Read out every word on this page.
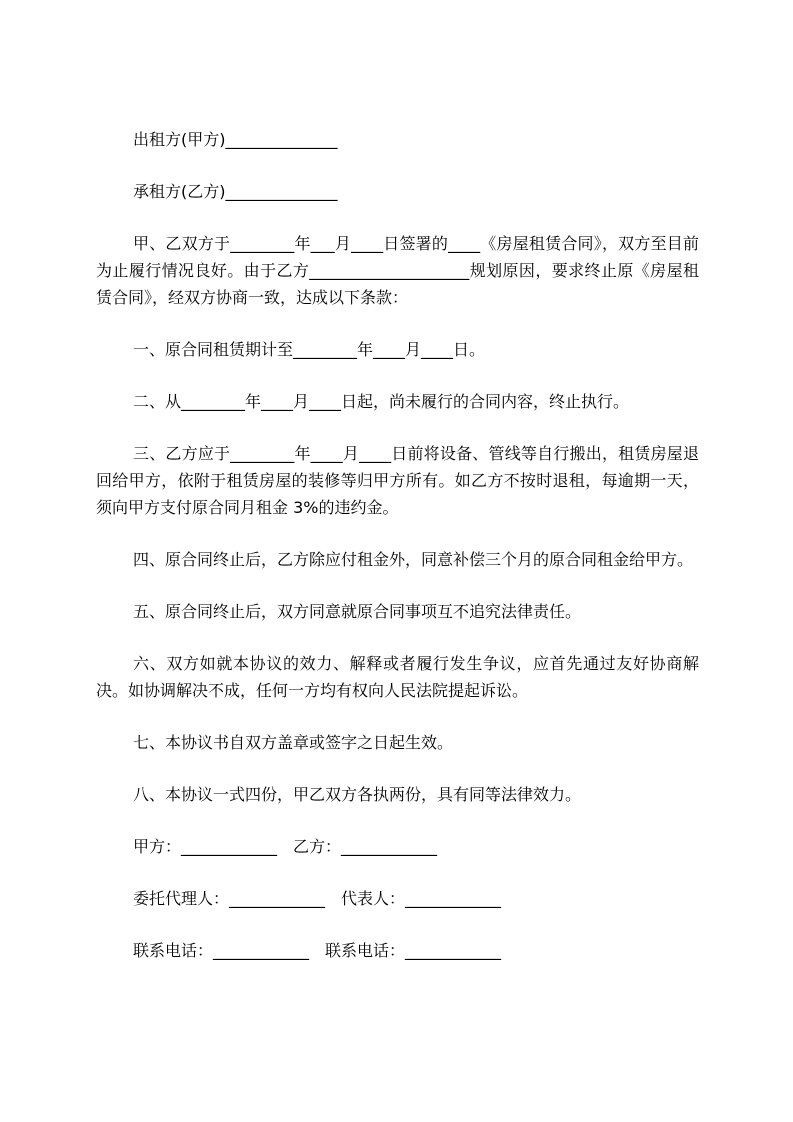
出租方(甲方)______________

承租方(乙方)______________

甲、乙双方于________年___月____日签署的____《房屋租赁合同》，双方至目前为止履行情况良好。由于乙方____________________规划原因，要求终止原《房屋租赁合同》，经双方协商一致，达成以下条款：

一、原合同租赁期计至________年____月____日。

二、从________年____月____日起，尚未履行的合同内容，终止执行。

三、乙方应于________年____月____日前将设备、管线等自行搬出，租赁房屋退回给甲方，依附于租赁房屋的装修等归甲方所有。如乙方不按时退租，每逾期一天，须向甲方支付原合同月租金 3%的违约金。

四、原合同终止后，乙方除应付租金外，同意补偿三个月的原合同租金给甲方。

五、原合同终止后，双方同意就原合同事项互不追究法律责任。

六、双方如就本协议的效力、解释或者履行发生争议，应首先通过友好协商解决。如协调解决不成，任何一方均有权向人民法院提起诉讼。

七、本协议书自双方盖章或签字之日起生效。

八、本协议一式四份，甲乙双方各执两份，具有同等法律效力。

甲方：____________　乙方：____________

委托代理人：____________　代表人：____________

联系电话：____________　联系电话：____________
